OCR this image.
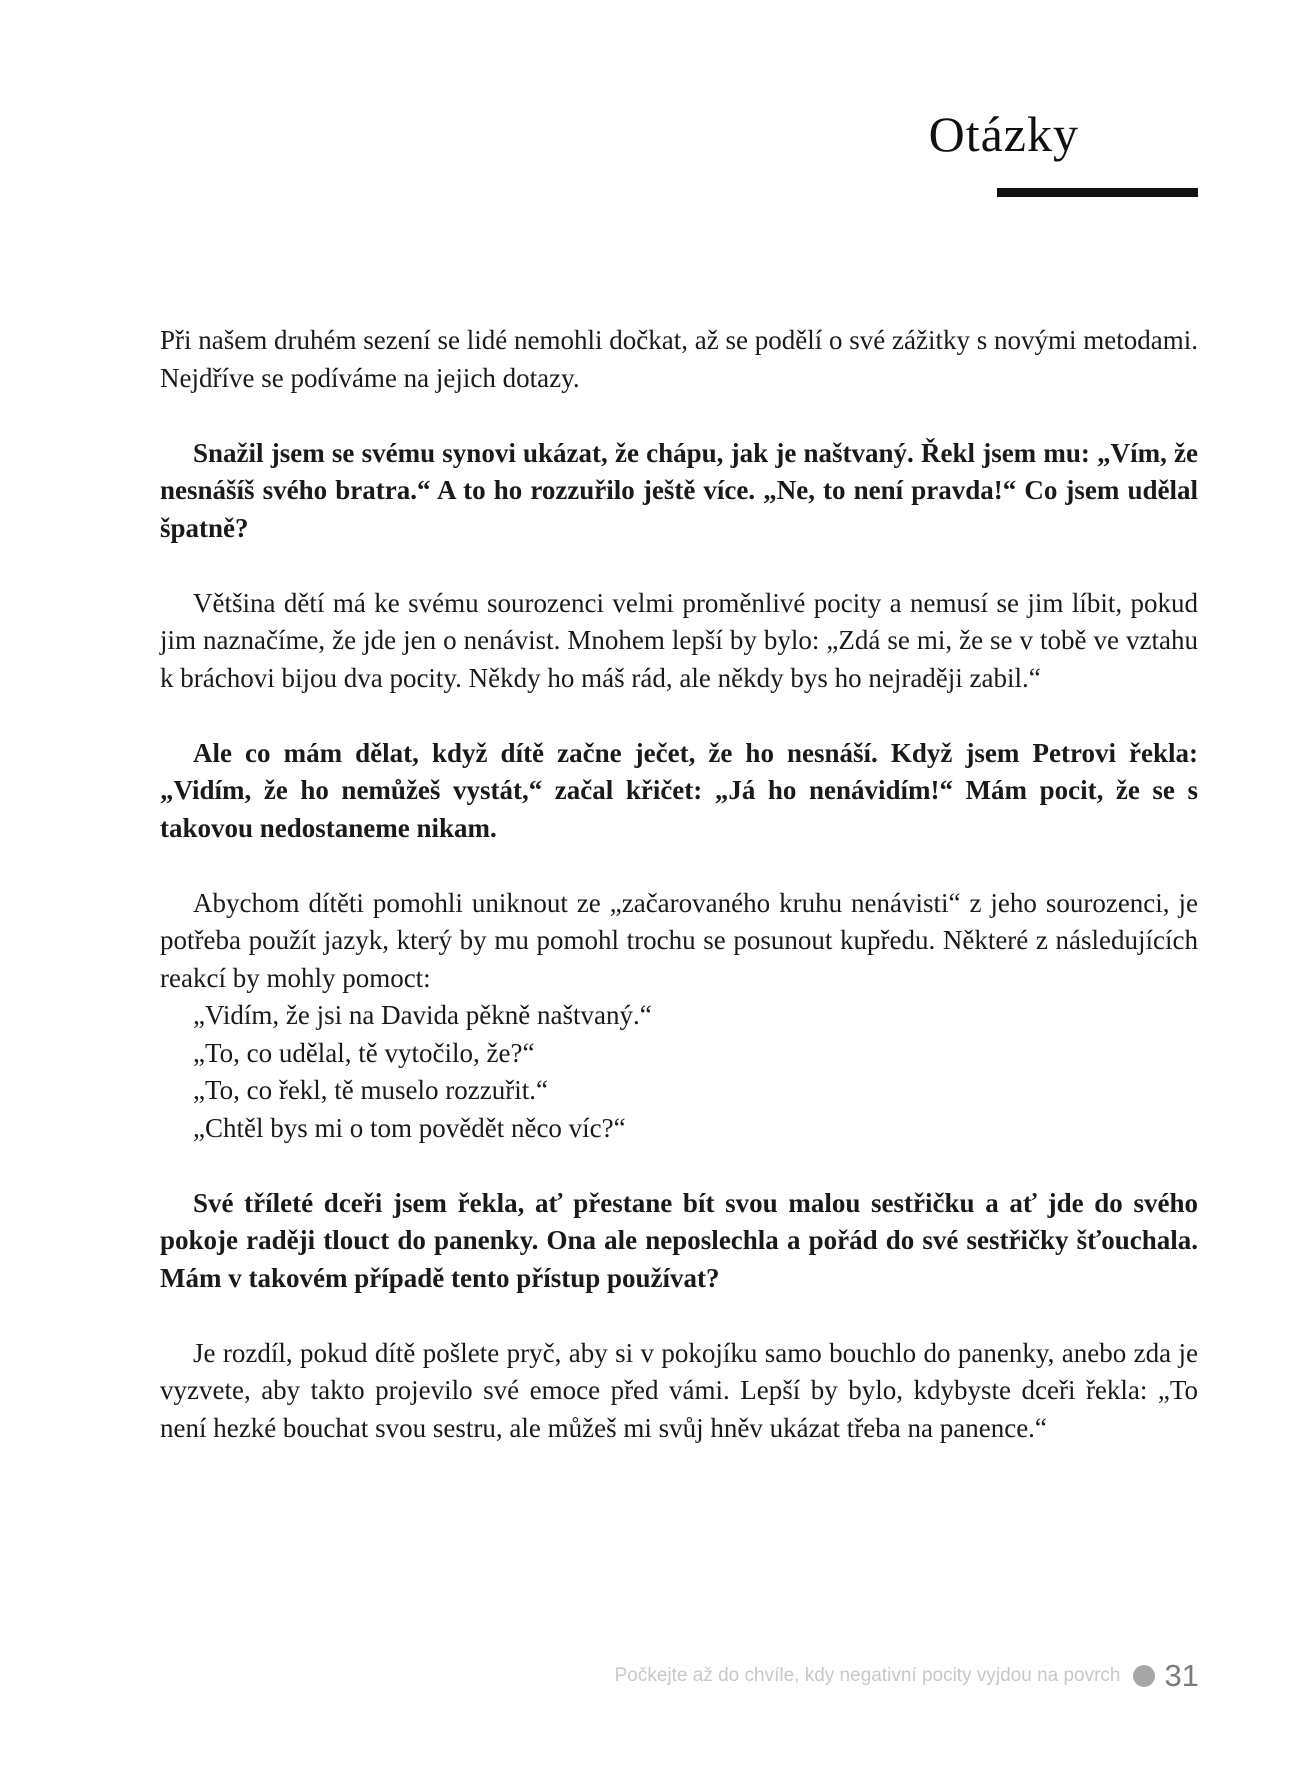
Otázky

Při našem druhém sezení se lidé nemohli dočkat, až se podělí o své zážitky s novými metodami. Nejdříve se podíváme na jejich dotazy.

Snažil jsem se svému synovi ukázat, že chápu, jak je naštvaný. Řekl jsem mu: „Vím, že nesnášíš svého bratra.“ A to ho rozzuřilo ještě více. „Ne, to není pravda!“ Co jsem udělal špatně?

Většina dětí má ke svému sourozenci velmi proměnlivé pocity a nemusí se jim líbit, pokud jim naznačíme, že jde jen o nenávist. Mnohem lepší by bylo: „Zdá se mi, že se v tobě ve vztahu k bráchovi bijou dva pocity. Někdy ho máš rád, ale někdy bys ho nejraději zabil.“

Ale co mám dělat, když dítě začne ječet, že ho nesnáší. Když jsem Petrovi řekla: „Vidím, že ho nemůžeš vystát,“ začal křičet: „Já ho nenávidím!“ Mám pocit, že se s takovou nedostaneme nikam.

Abychom dítěti pomohli uniknout ze „začarovaného kruhu nenávisti“ z jeho sourozenci, je potřeba použít jazyk, který by mu pomohl trochu se posunout kupředu. Některé z následujících reakcí by mohly pomoct:

„Vidím, že jsi na Davida pěkně naštvaný.“

„To, co udělal, tě vytočilo, že?“

„To, co řekl, tě muselo rozzuřit.“

„Chtěl bys mi o tom povědět něco víc?“

Své tříleté dceři jsem řekla, ať přestane bít svou malou sestřičku a ať jde do svého pokoje raději tlouct do panenky. Ona ale neposlechla a pořád do své sestřičky šťouchala. Mám v takovém případě tento přístup používat?

Je rozdíl, pokud dítě pošlete pryč, aby si v pokojíku samo bouchlo do panenky, anebo zda je vyzvete, aby takto projevilo své emoce před vámi. Lepší by bylo, kdybyste dceři řekla: „To není hezké bouchat svou sestru, ale můžeš mi svůj hněv ukázat třeba na panence.“

Počkejte až do chvíle, kdy negativní pocity vyjdou na povrch 31
